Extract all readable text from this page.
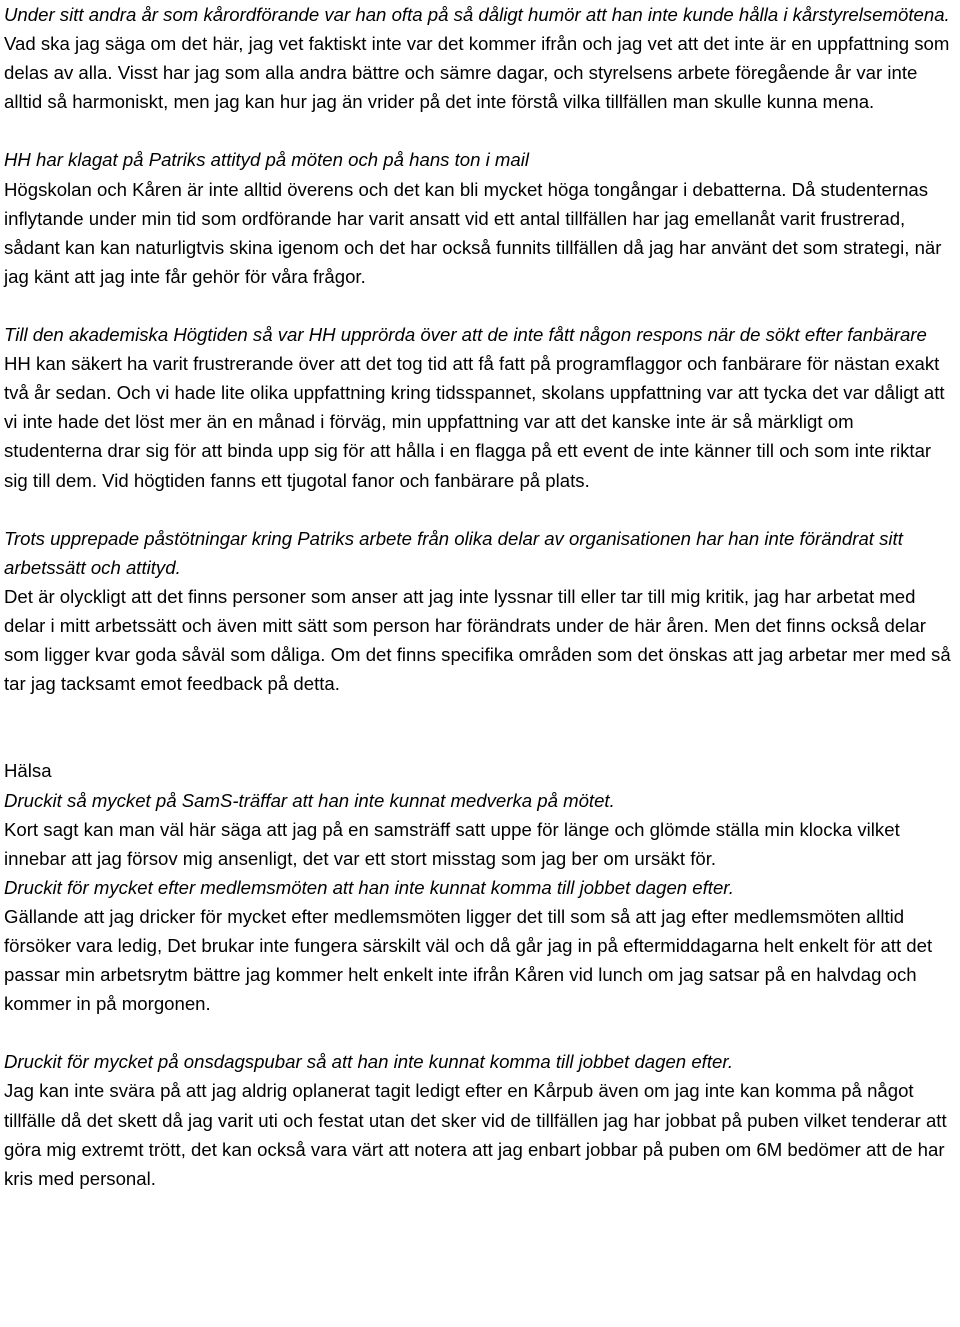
Under sitt andra år som kårordförande var han ofta på så dåligt humör att han inte kunde hålla i kårstyrelsemötena.

Vad ska jag säga om det här, jag vet faktiskt inte var det kommer ifrån och jag vet att det inte är en uppfattning som delas av alla. Visst har jag som alla andra bättre och sämre dagar, och styrelsens arbete föregående år var inte alltid så harmoniskt, men jag kan hur jag än vrider på det inte förstå vilka tillfällen man skulle kunna mena.

HH har klagat på Patriks attityd på möten och på hans ton i mail

Högskolan och Kåren är inte alltid överens och det kan bli mycket höga tongångar i debatterna. Då studenternas inflytande under min tid som ordförande har varit ansatt vid ett antal tillfällen har jag emellanåt varit frustrerad, sådant kan kan naturligtvis skina igenom och det har också funnits tillfällen då jag har använt det som strategi, när jag känt att jag inte får gehör för våra frågor.

Till den akademiska Högtiden så var HH upprörda över att de inte fått någon respons när de sökt efter fanbärare

HH kan säkert ha varit frustrerande över att det tog tid att få fatt på programflaggor och fanbärare för nästan exakt två år sedan. Och vi hade lite olika uppfattning kring tidsspannet, skolans uppfattning var att tycka det var dåligt att vi inte hade det löst mer än en månad i förväg, min uppfattning var att det kanske inte är så märkligt om studenterna drar sig för att binda upp sig för att hålla i en flagga på ett event de inte känner till och som inte riktar sig till dem. Vid högtiden fanns ett tjugotal fanor och fanbärare på plats.

Trots upprepade påstötningar kring Patriks arbete från olika delar av organisationen har han inte förändrat sitt arbetssätt och attityd.

Det är olyckligt att det finns personer som anser att jag inte lyssnar till eller tar till mig kritik, jag har arbetat med delar i mitt arbetssätt och även mitt sätt som person har förändrats under de här åren. Men det finns också delar som ligger kvar goda såväl som dåliga. Om det finns specifika områden som det önskas att jag arbetar mer med så tar jag tacksamt emot feedback på detta.

Hälsa

Druckit så mycket på SamS-träffar att han inte kunnat medverka på mötet.

Kort sagt kan man väl här säga att jag på en samsträff satt uppe för länge och glömde ställa min klocka vilket innebar att jag försov mig ansenligt, det var ett stort misstag som jag ber om ursäkt för.

Druckit för mycket efter medlemsmöten att han inte kunnat komma till jobbet dagen efter.

Gällande att jag dricker för mycket efter medlemsmöten ligger det till som så att jag efter medlemsmöten alltid försöker vara ledig, Det brukar inte fungera särskilt väl och då går jag in på eftermiddagarna helt enkelt för att det passar min arbetsrytm bättre jag kommer helt enkelt inte ifrån Kåren vid lunch om jag satsar på en halvdag och kommer in på morgonen.

Druckit för mycket på onsdagspubar så att han inte kunnat komma till jobbet dagen efter.

Jag kan inte svära på att jag aldrig oplanerat tagit ledigt efter en Kårpub även om jag inte kan komma på något tillfälle då det skett då jag varit uti och festat utan det sker vid de tillfällen jag har jobbat på puben vilket tenderar att göra mig extremt trött, det kan också vara värt att notera att jag enbart jobbar på puben om 6M bedömer att de har kris med personal.
